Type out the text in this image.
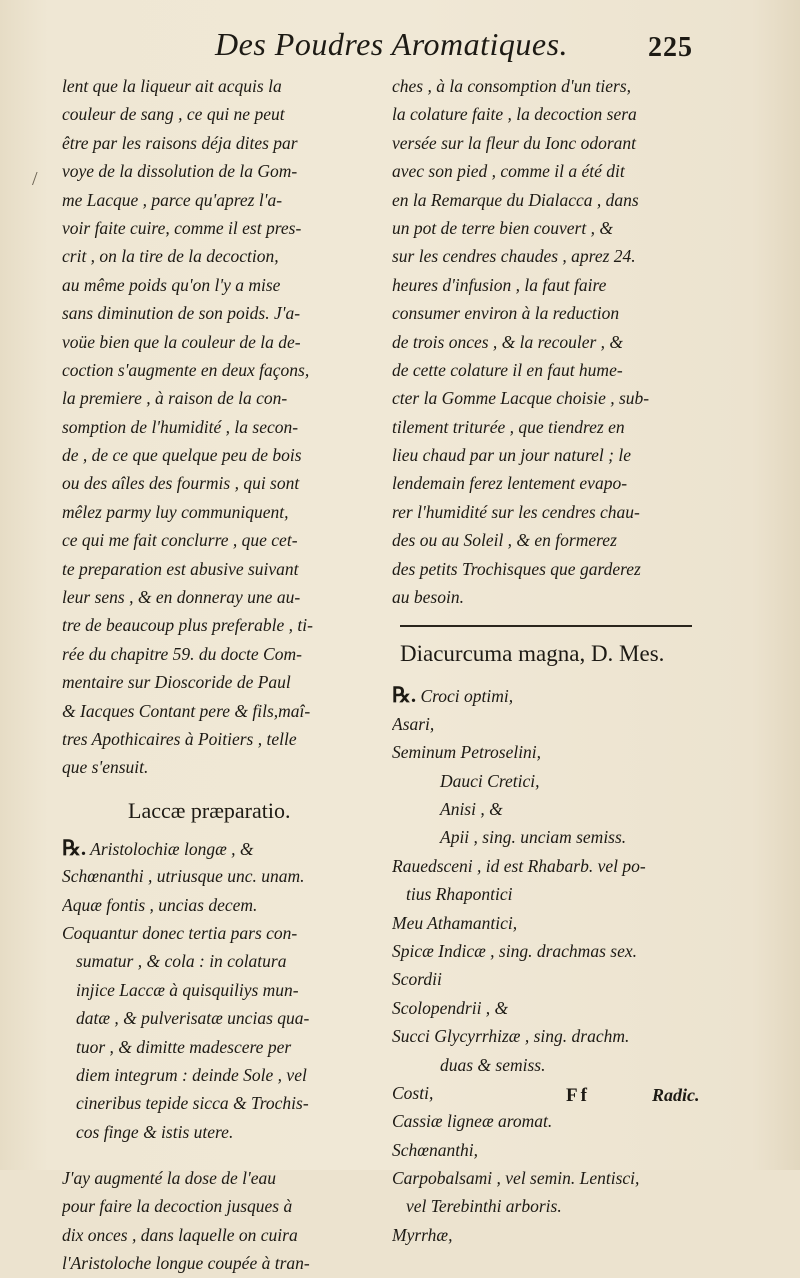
Des Poudres Aromatiques.	225
/
lent que la liqueur ait acquis la
couleur de sang , ce qui ne peut
être par les raisons déja dites par
voye de la dissolution de la Gom-
me Lacque , parce qu'aprez l'a-
voir faite cuire, comme il est pres-
crit , on la tire de la decoction,
au même poids qu'on l'y a mise
sans diminution de son poids. J'a-
voüe bien que la couleur de la de-
coction s'augmente en deux façons,
la premiere , à raison de la con-
somption de l'humidité , la secon-
de , de ce que quelque peu de bois
ou des aîles des fourmis , qui sont
mêlez parmy luy communiquent,
ce qui me fait conclurre , que cet-
te preparation est abusive suivant
leur sens , & en donneray une au-
tre de beaucoup plus preferable , ti-
rée du chapitre 59. du docte Com-
mentaire sur Dioscoride de Paul
& Iacques Contant pere & fils,maî-
tres Apothicaires à Poitiers , telle
que s'ensuit.
Laccæ præparatio.
℞. Aristolochiæ longæ , &
Schœnanthi , utriusque unc. unam.
Aquæ fontis , uncias decem.
Coquantur donec tertia pars con-
sumatur , & cola : in colatura
injice Laccæ à quisquiliys mun-
datæ , & pulverisatæ uncias qua-
tuor , & dimitte madescere per
diem integrum : deinde Sole , vel
cineribus tepide sicca & Trochis-
cos finge & istis utere.
J'ay augmenté la dose de l'eau
pour faire la decoction jusques à
dix onces , dans laquelle on cuira
l'Aristoloche longue coupée à tran-
ches , à la consomption d'un tiers,
la colature faite , la decoction sera
versée sur la fleur du Ionc odorant
avec son pied , comme il a été dit
en la Remarque du Dialacca , dans
un pot de terre bien couvert , &
sur les cendres chaudes , aprez 24.
heures d'infusion , la faut faire
consumer environ à la reduction
de trois onces , & la recouler , &
de cette colature il en faut hume-
cter la Gomme Lacque choisie , sub-
tilement triturée , que tiendrez en
lieu chaud par un jour naturel ; le
lendemain ferez lentement evapo-
rer l'humidité sur les cendres chau-
des ou au Soleil , & en formerez
des petits Trochisques que garderez
au besoin.
Diacurcuma magna, D. Mes.
℞. Croci optimi,
Asari,
Seminum Petroselini,
Dauci Cretici,
Anisi , &
Apii , sing. unciam semiss.
Rauedsceni , id est Rhabarb. vel po-
tius Rhapontici
Meu Athamantici,
Spicæ Indicæ , sing. drachmas sex.
Scordii
Scolopendrii , &
Succi Glycyrrhizæ , sing. drachm.
duas & semiss.
Costi,
Cassiæ ligneæ aromat.
Schœnanthi,
Carpobalsami , vel semin. Lentisci,
vel Terebinthi arboris.
Myrrhæ,
Ff	Radic.
